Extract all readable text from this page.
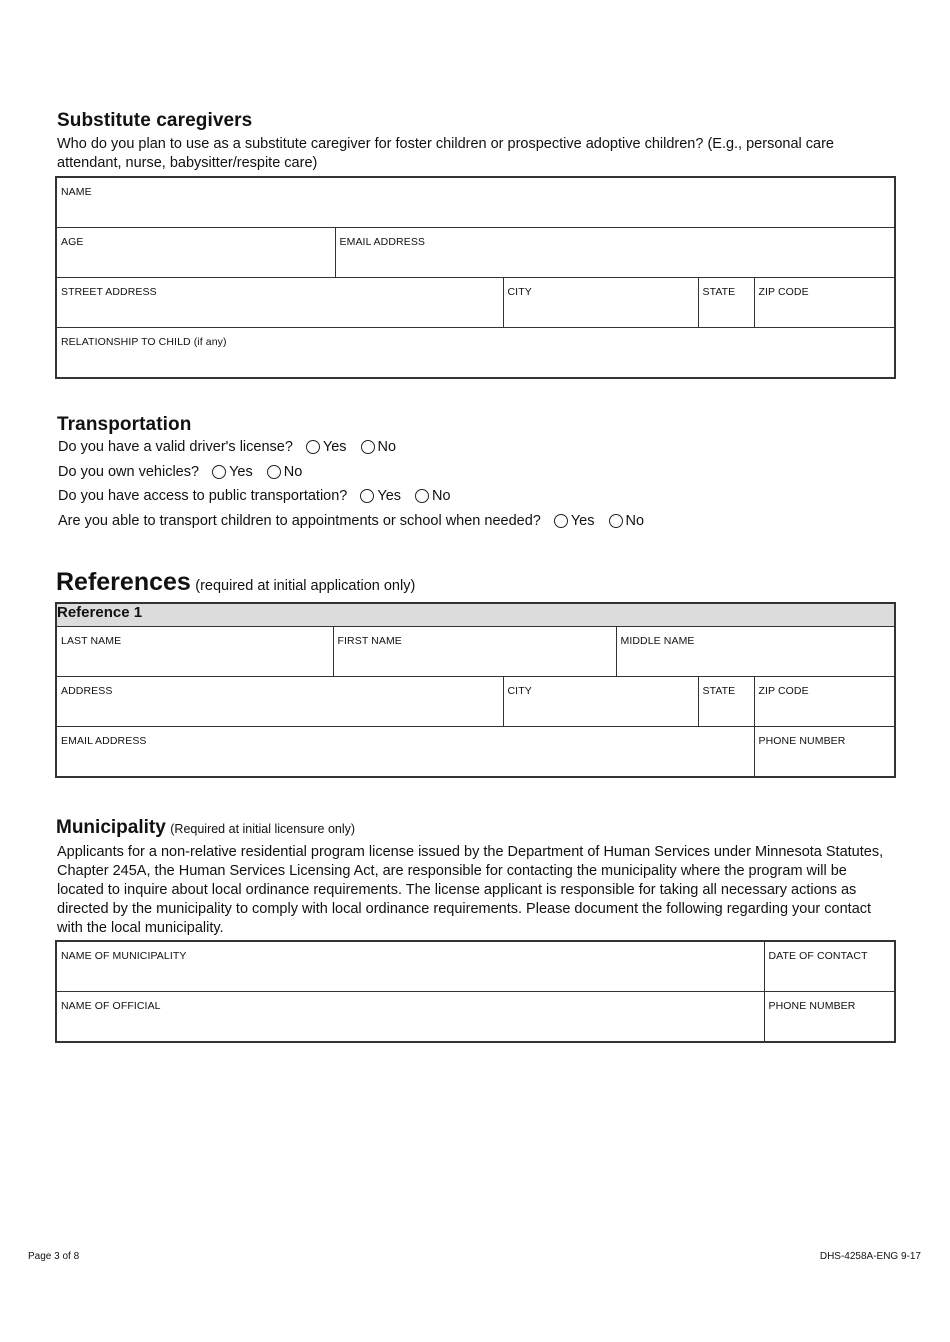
Substitute caregivers
Who do you plan to use as a substitute caregiver for foster children or prospective adoptive children? (E.g., personal care attendant, nurse, babysitter/respite care)
NAME				

AGE	EMAIL ADDRESS			

STREET ADDRESS		CITY	STATE	ZIP CODE

RELATIONSHIP TO CHILD (if any)				
Transportation
Do you have a valid driver's license? Yes No
Do you own vehicles? Yes No
Do you have access to public transportation? Yes No
Are you able to transport children to appointments or school when needed? Yes No
References (required at initial application only)
Reference 1					

LAST NAME	FIRST NAME		MIDDLE NAME		

ADDRESS		CITY		STATE	ZIP CODE

EMAIL ADDRESS					PHONE NUMBER
Municipality (Required at initial licensure only)
Applicants for a non-relative residential program license issued by the Department of Human Services under Minnesota Statutes, Chapter 245A, the Human Services Licensing Act, are responsible for contacting the municipality where the program will be located to inquire about local ordinance requirements. The license applicant is responsible for taking all necessary actions as directed by the municipality to comply with local ordinance requirements. Please document the following regarding your contact with the local municipality.
NAME OF MUNICIPALITY	DATE OF CONTACT

NAME OF OFFICIAL	PHONE NUMBER
Page 3 of 8	DHS-4258A-ENG 9-17
